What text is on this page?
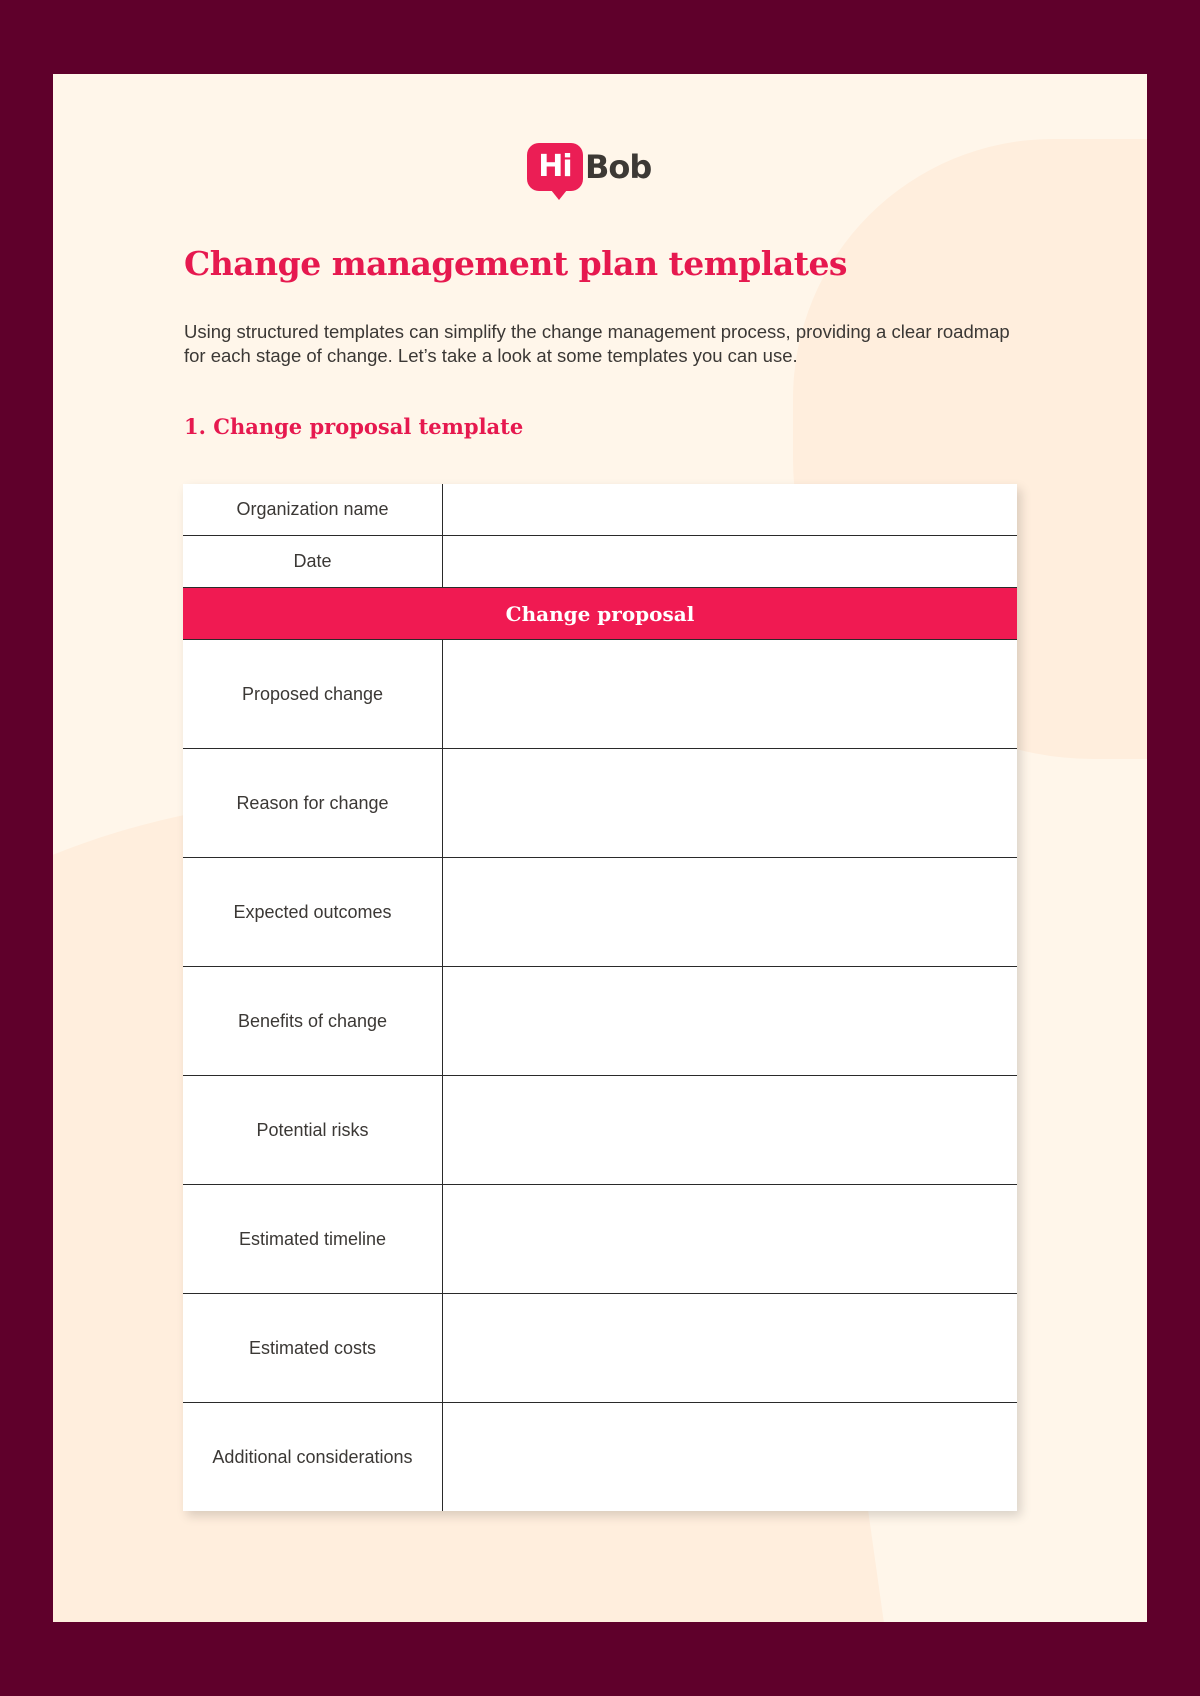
Hi Bob
Change management plan templates

Using structured templates can simplify the change management process, providing a clear roadmap for each stage of change. Let’s take a look at some templates you can use.

1. Change proposal template
Organization name	
Date	
Change proposal	
Proposed change	
Reason for change	
Expected outcomes	
Benefits of change	
Potential risks	
Estimated timeline	
Estimated costs	
Additional considerations	
